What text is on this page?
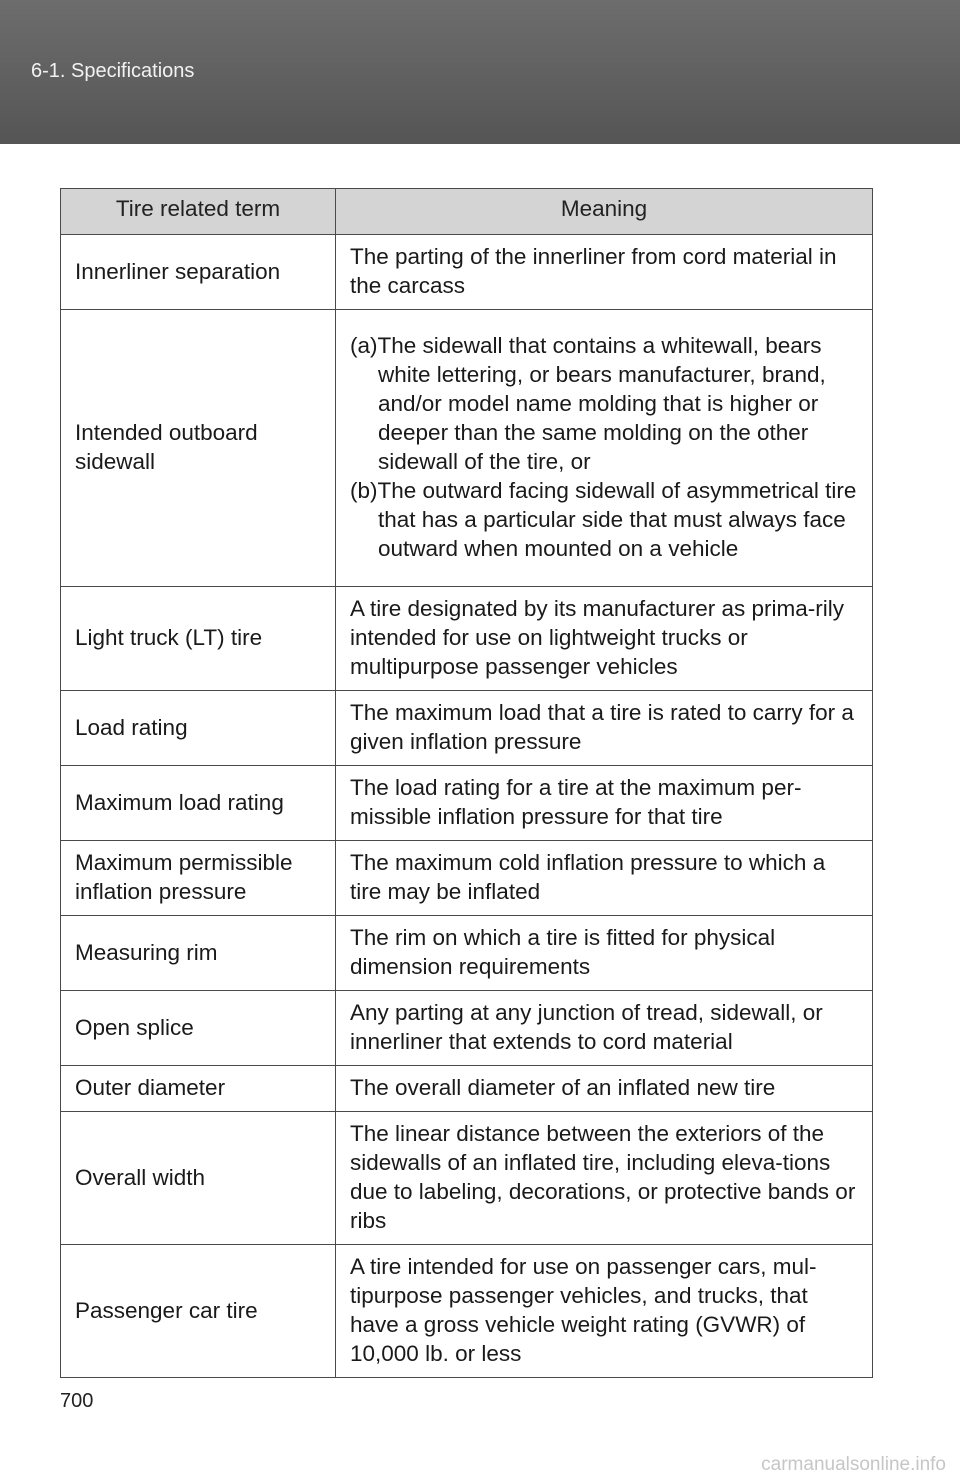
6-1. Specifications
Tire related term	Meaning
Innerliner separation	The parting of the innerliner from cord material in the carcass
Intended outboard sidewall	(a)The sidewall that contains a whitewall, bears white lettering, or bears manufacturer, brand, and/or model name molding that is higher or deeper than the same molding on the other sidewall of the tire, or
(b)The outward facing sidewall of asymmetrical tire that has a particular side that must always face outward when mounted on a vehicle

Light truck (LT) tire	A tire designated by its manufacturer as prima-rily intended for use on lightweight trucks or multipurpose passenger vehicles
Load rating	The maximum load that a tire is rated to carry for a given inflation pressure
Maximum load rating	The load rating for a tire at the maximum per-missible inflation pressure for that tire
Maximum permissible inflation pressure	The maximum cold inflation pressure to which a tire may be inflated
Measuring rim	The rim on which a tire is fitted for physical dimension requirements
Open splice	Any parting at any junction of tread, sidewall, or innerliner that extends to cord material
Outer diameter	The overall diameter of an inflated new tire
Overall width	The linear distance between the exteriors of the sidewalls of an inflated tire, including eleva-tions due to labeling, decorations, or protective bands or ribs
Passenger car tire	A tire intended for use on passenger cars, mul-tipurpose passenger vehicles, and trucks, that have a gross vehicle weight rating (GVWR) of 10,000 lb. or less
700
carmanualsonline.info
